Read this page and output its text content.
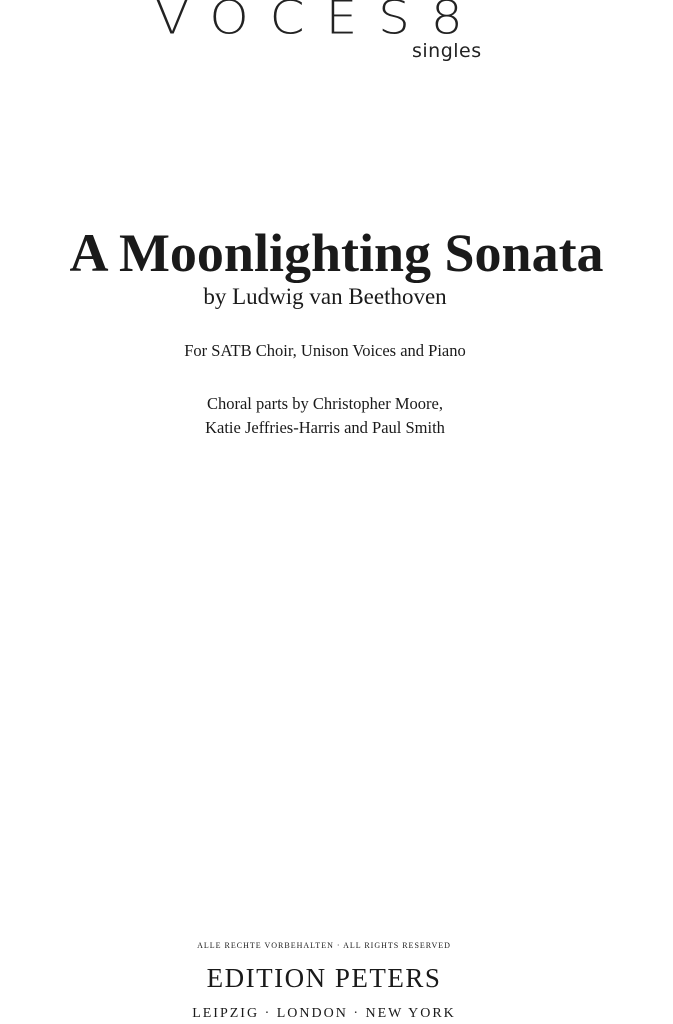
VOCES8
singles
A Moonlighting Sonata
by Ludwig van Beethoven
For SATB Choir, Unison Voices and Piano
Choral parts by Christopher Moore,
Katie Jeffries-Harris and Paul Smith
ALLE RECHTE VORBEHALTEN · ALL RIGHTS RESERVED
EDITION PETERS
LEIPZIG · LONDON · NEW YORK
